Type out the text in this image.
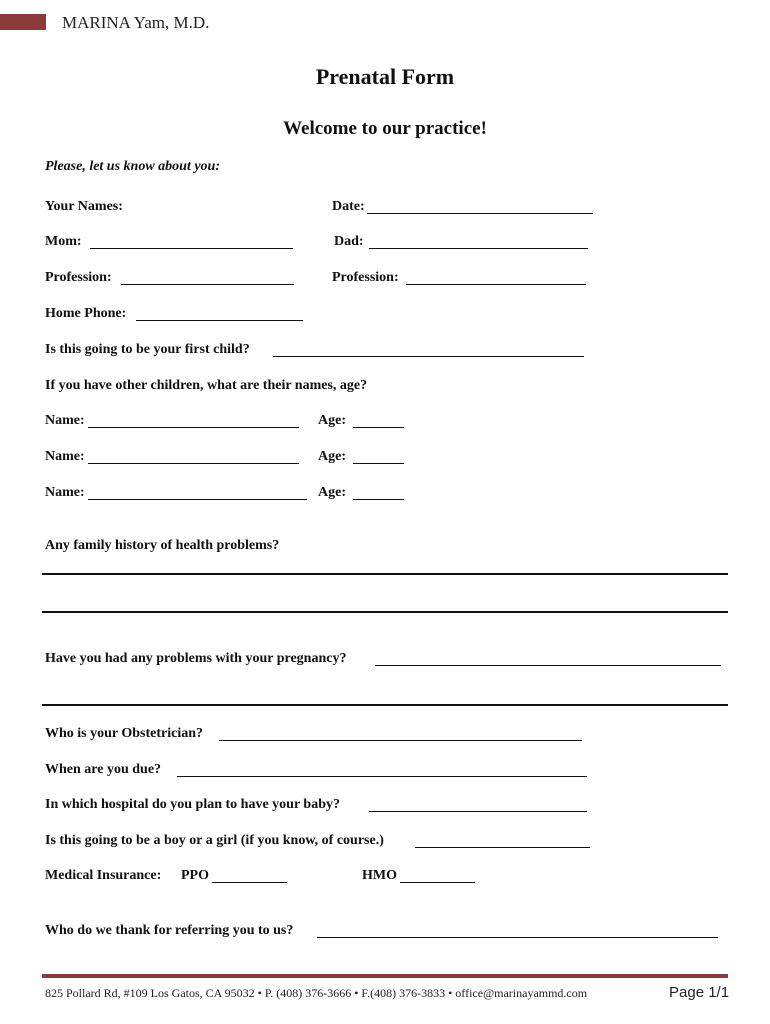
MARINA Yam, M.D.
Prenatal Form
Welcome to our practice!
Please, let us know about you:
Your Names:	Date:
Mom:	Dad:
Profession:	Profession:
Home Phone:
Is this going to be your first child?
If you have other children, what are their names, age?
Name:	Age:
Name:	Age:
Name:	Age:
Any family history of health problems?
Have you had any problems with your pregnancy?
Who is your Obstetrician?
When are you due?
In which hospital do you plan to have your baby?
Is this going to be a boy or a girl (if you know, of course.)
Medical Insurance: PPO	HMO
Who do we thank for referring you to us?
825 Pollard Rd, #109 Los Gatos, CA 95032 • P. (408) 376-3666 • F.(408) 376-3833 • office@marinayammd.com	Page 1/1
